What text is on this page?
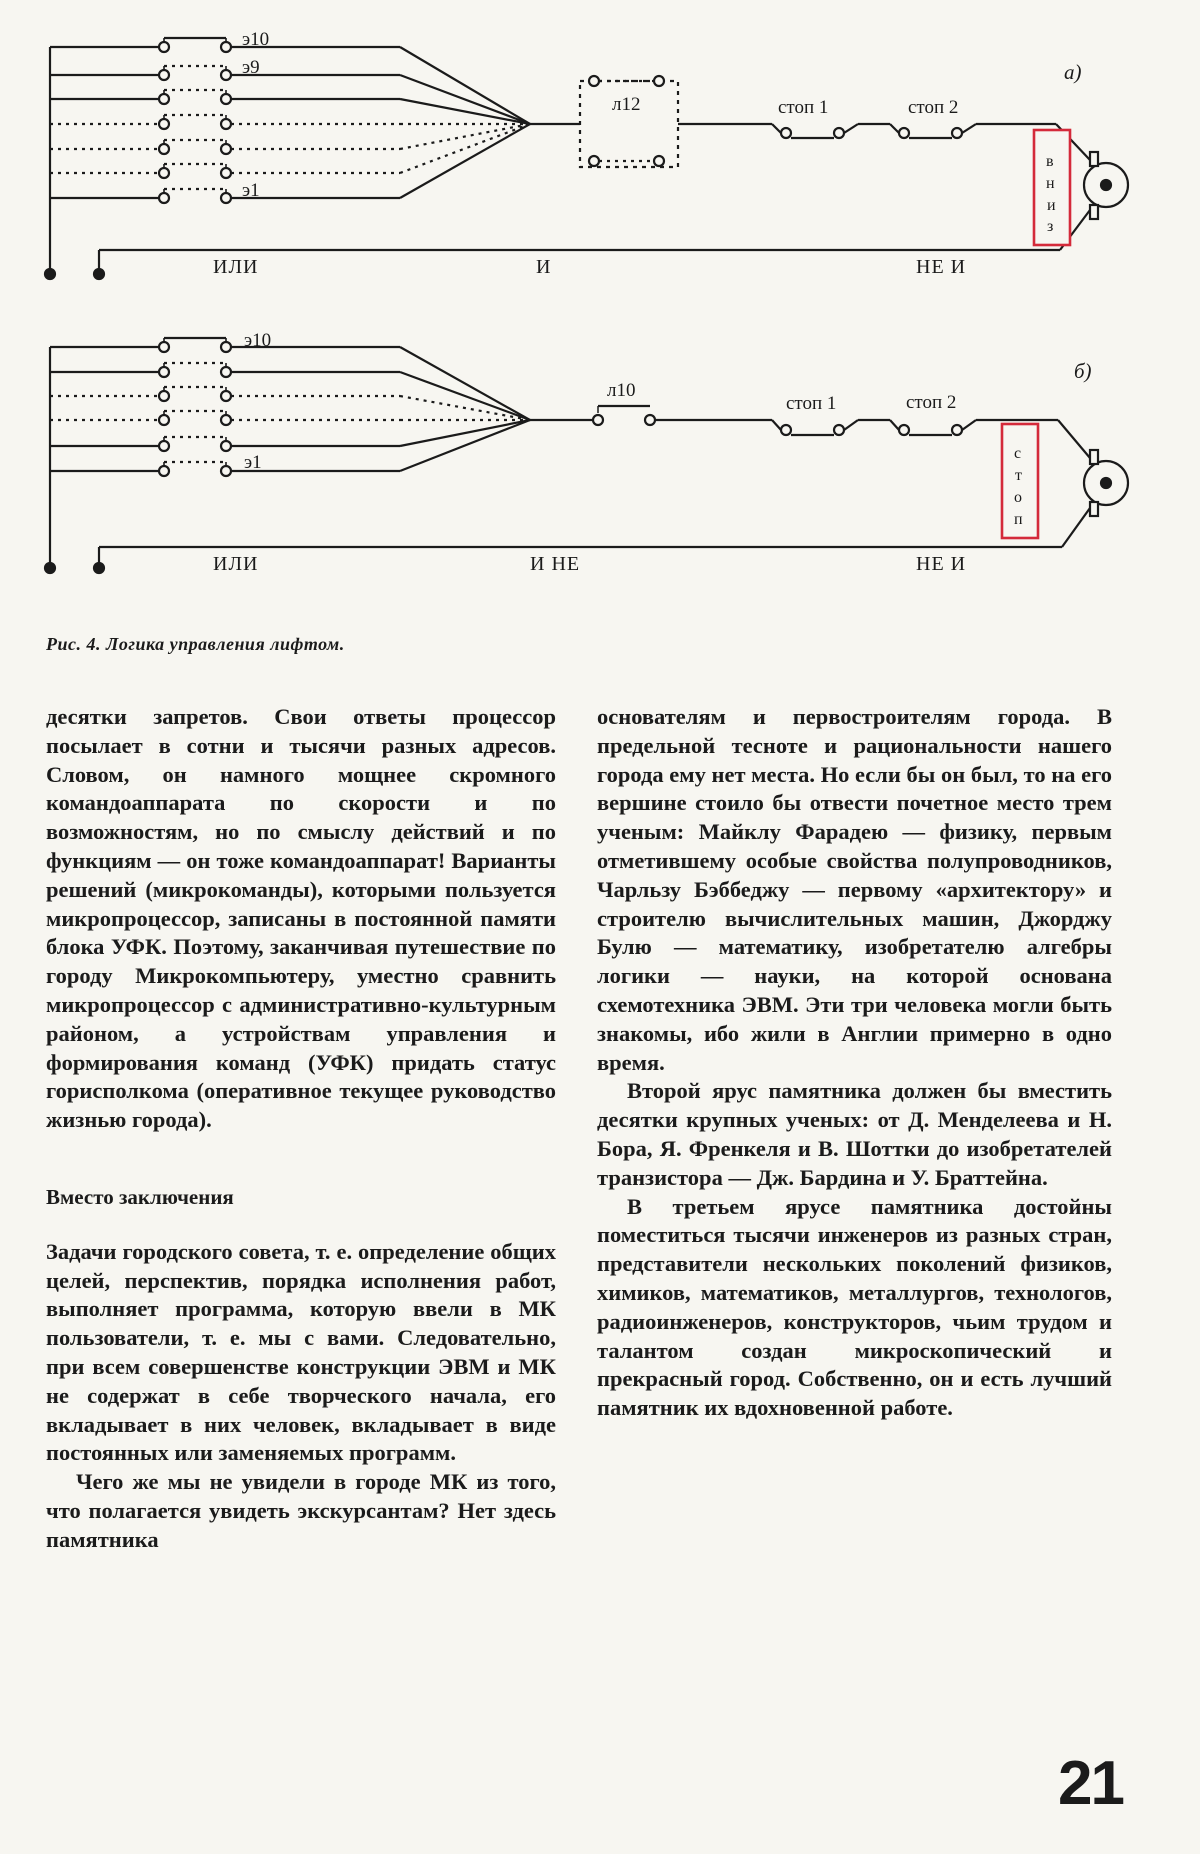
л12	стоп 1	стоп 2
в
н
и
з
ИЛИ	И	НЕ И
а)
л10
стоп 1	стоп 2
с
т
о
п
ИЛИ	И НЕ	НЕ И
б)
э10
э9
э1
э10
э1
Рис. 4. Логика управления лифтом.

десятки запретов. Свои ответы процессор посылает в сотни и тысячи разных адресов. Словом, он намного мощнее скромного командоаппарата по скорости и по возможностям, но по смыслу действий и по функциям — он тоже командоаппарат! Варианты решений (микрокоманды), которыми пользуется микропроцессор, записаны в постоянной памяти блока УФК. Поэтому, заканчивая путешествие по городу Микрокомпьютеру, уместно сравнить микропроцессор с административно-культурным районом, а устройствам управления и формирования команд (УФК) придать статус горисполкома (оперативное текущее руководство жизнью города).

Вместо заключения

Задачи городского совета, т. е. определение общих целей, перспектив, порядка исполнения работ, выполняет программа, которую ввели в МК пользователи, т. е. мы с вами. Следовательно, при всем совершенстве конструкции ЭВМ и МК не содержат в себе творческого начала, его вкладывает в них человек, вкладывает в виде постоянных или заменяемых программ.

Чего же мы не увидели в городе МК из того, что полагается увидеть экскурсантам? Нет здесь памятника

основателям и первостроителям города. В предельной тесноте и рациональности нашего города ему нет места. Но если бы он был, то на его вершине стоило бы отвести почетное место трем ученым: Майклу Фарадею — физику, первым отметившему особые свойства полупроводников, Чарльзу Бэббеджу — первому «архитектору» и строителю вычислительных машин, Джорджу Булю — математику, изобретателю алгебры логики — науки, на которой основана схемотехника ЭВМ. Эти три человека могли быть знакомы, ибо жили в Англии примерно в одно время.

Второй ярус памятника должен бы вместить десятки крупных ученых: от Д. Менделеева и Н. Бора, Я. Френкеля и В. Шоттки до изобретателей транзистора — Дж. Бардина и У. Браттейна.

В третьем ярусе памятника достойны поместиться тысячи инженеров из разных стран, представители нескольких поколений физиков, химиков, математиков, металлургов, технологов, радиоинженеров, конструкторов, чьим трудом и талантом создан микроскопический и прекрасный город. Собственно, он и есть лучший памятник их вдохновенной работе.

21
